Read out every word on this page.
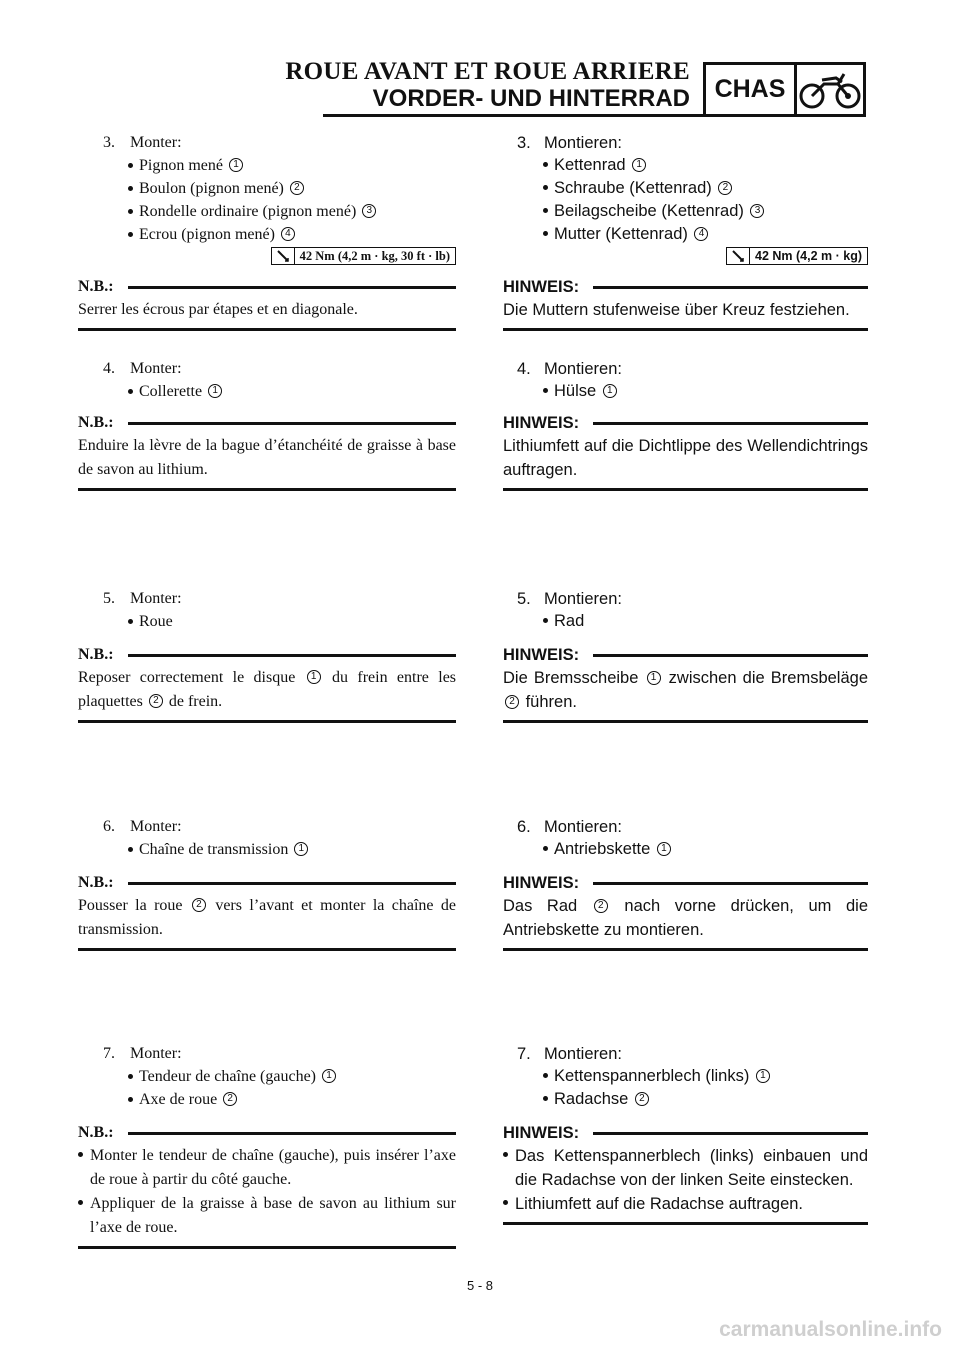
ROUE AVANT ET ROUE ARRIERE
VORDER- UND HINTERRAD CHAS
3. Monter:
Pignon mené 1
Boulon (pignon mené) 2
Rondelle ordinaire (pignon mené) 3
Ecrou (pignon mené) 4
42 Nm (4,2 m · kg, 30 ft · lb)
N.B.:
Serrer les écrous par étapes et en diagonale.
4. Monter:
Collerette 1
N.B.:
Enduire la lèvre de la bague d’étanchéité de graisse à base de savon au lithium.
5. Monter:
Roue
N.B.:
Reposer correctement le disque 1 du frein entre les plaquettes 2 de frein.
6. Monter:
Chaîne de transmission 1
N.B.:
Pousser la roue 2 vers l’avant et monter la chaîne de transmission.
7. Monter:
Tendeur de chaîne (gauche) 1
Axe de roue 2
N.B.:
Monter le tendeur de chaîne (gauche), puis insérer l’axe de roue à partir du côté gauche.
Appliquer de la graisse à base de savon au lithium sur l’axe de roue.
3. Montieren:
Kettenrad 1
Schraube (Kettenrad) 2
Beilagscheibe (Kettenrad) 3
Mutter (Kettenrad) 4
42 Nm (4,2 m · kg)
HINWEIS:
Die Muttern stufenweise über Kreuz festziehen.
4. Montieren:
Hülse 1
HINWEIS:
Lithiumfett auf die Dichtlippe des Wellendichtrings auftragen.
5. Montieren:
Rad
HINWEIS:
Die Bremsscheibe 1 zwischen die Bremsbeläge 2 führen.
6. Montieren:
Antriebskette 1
HINWEIS:
Das Rad 2 nach vorne drücken, um die Antriebskette zu montieren.
7. Montieren:
Kettenspannerblech (links) 1
Radachse 2
HINWEIS:
Das Kettenspannerblech (links) einbauen und die Radachse von der linken Seite einstecken.
Lithiumfett auf die Radachse auftragen.
5 - 8
carmanualsonline.info
